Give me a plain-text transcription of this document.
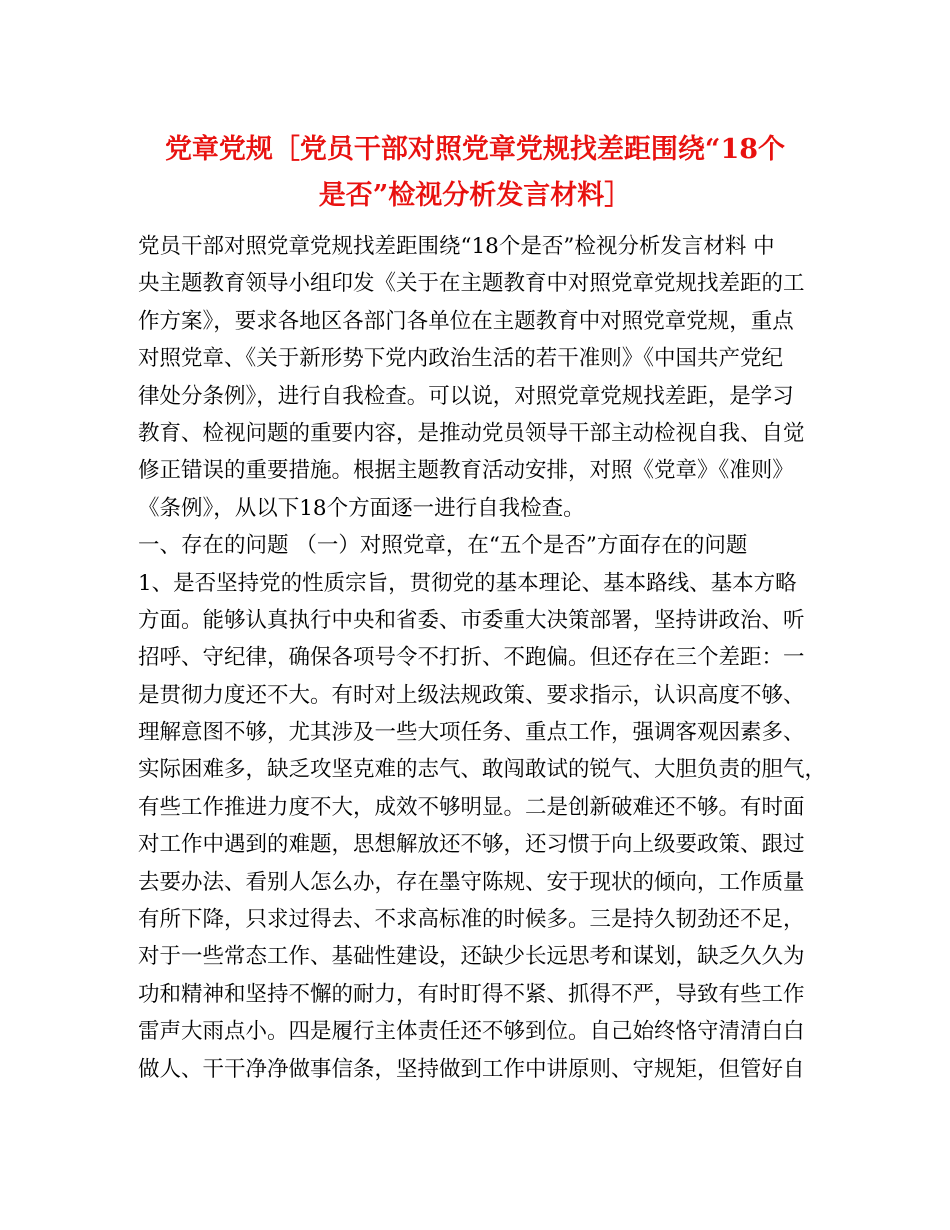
党章党规［党员干部对照党章党规找差距围绕“18个
是否”检视分析发言材料］
党员干部对照党章党规找差距围绕“18个是否”检视分析发言材料 中
央主题教育领导小组印发《关于在主题教育中对照党章党规找差距的工
作方案》，要求各地区各部门各单位在主题教育中对照党章党规，重点
对照党章、《关于新形势下党内政治生活的若干准则》《中国共产党纪
律处分条例》，进行自我检查。可以说，对照党章党规找差距，是学习
教育、检视问题的重要内容，是推动党员领导干部主动检视自我、自觉
修正错误的重要措施。根据主题教育活动安排，对照《党章》《准则》
《条例》，从以下18个方面逐一进行自我检查。
一、存在的问题 （一）对照党章，在“五个是否”方面存在的问题
1、是否坚持党的性质宗旨，贯彻党的基本理论、基本路线、基本方略
方面。能够认真执行中央和省委、市委重大决策部署，坚持讲政治、听
招呼、守纪律，确保各项号令不打折、不跑偏。但还存在三个差距：一
是贯彻力度还不大。有时对上级法规政策、要求指示，认识高度不够、
理解意图不够，尤其涉及一些大项任务、重点工作，强调客观因素多、
实际困难多，缺乏攻坚克难的志气、敢闯敢试的锐气、大胆负责的胆气，
有些工作推进力度不大，成效不够明显。二是创新破难还不够。有时面
对工作中遇到的难题，思想解放还不够，还习惯于向上级要政策、跟过
去要办法、看别人怎么办，存在墨守陈规、安于现状的倾向，工作质量
有所下降，只求过得去、不求高标准的时候多。三是持久韧劲还不足，
对于一些常态工作、基础性建设，还缺少长远思考和谋划，缺乏久久为
功和精神和坚持不懈的耐力，有时盯得不紧、抓得不严，导致有些工作
雷声大雨点小。四是履行主体责任还不够到位。自己始终恪守清清白白
做人、干干净净做事信条，坚持做到工作中讲原则、守规矩，但管好自
